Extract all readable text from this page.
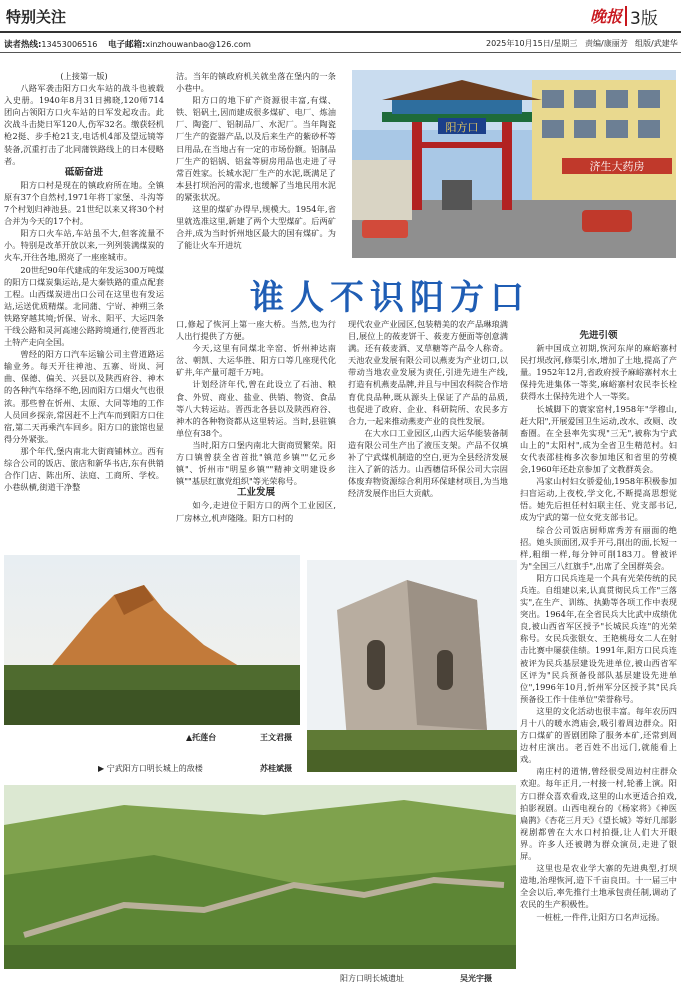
特别关注	晚报 3版
读者热线:13453006516 电子邮箱:xinzhouwanbao@126.com	2025年10月15日/星期三 责编/康丽芳 组版/武建华

(上接第一版)

八路军袭击阳方口火车站的战斗也被载入史册。1940年8月31日拂晓,120师714团向占领阳方口火车站的日军发起攻击。此次战斗击毙日军120人,伤军32名。缴获轻机枪2挺、步手枪21支,电话机4部及望远镜等装备,沉重打击了北同蒲铁路线上的日本侵略者。

砥砺奋进

阳方口村是现在的镇政府所在地。全镇原有37个自然村,1971年将丁家堡、斗沟等7个村划归神池县。21世纪以来又将30个村合并为今天的17个村。

阳方口火车站,车站虽不大,但客流量不小。特别是改革开放以来,一列列装满煤炭的火车,开往各地,照亮了一座座城市。

20世纪90年代建成的年发运300万吨煤的阳方口煤炭集运站,是大秦铁路的重点配套工程。山西煤炭进出口公司在这里也有发运站,运送优质精煤。北同蒲、宁岢、神朔三条铁路穿越其境;忻保、岢永、阳平、大运四条干线公路和灵河高速公路跨境通行,使晋西北土特产走向全国。

曾经的阳方口汽车运输公司主营道路运输业务。每天开往神池、五寨、岢岚、河曲、保德、偏关、兴县以及陕西府谷、神木的各种汽车络绎不绝,因而阳方口烟火气也很浓。那些曾在忻州、太原、大同等地的工作人员回乡探亲,常因赶不上汽车而到阳方口住宿,第二天再乘汽车回乡。阳方口的旅馆也显得分外紧张。

那个年代,堡内南北大街商铺林立。西有综合公司的饭店、旅店和新华书店,东有供销合作门店、陈出所、法庭、工商所、学校。小巷纵横,街道干净整

洁。当年的镇政府机关就坐落在堡内的一条小巷中。

阳方口的地下矿产资源很丰富,有煤、铁、铝矾土,因而建成很多煤矿、电厂、炼油厂、陶瓷厂、铝制品厂、水泥厂。当年陶瓷厂生产的瓷器产品,以及后来生产的紫砂杯等日用品,在当地占有一定的市场份额。铝制品厂生产的铝锅、铝盆等厨房用品也走进了寻常百姓家。长城水泥厂生产的水泥,既满足了本县打坝治河的需求,也缓解了当地民用水泥的紧张状况。

这里的煤矿办得早,规模大。1954年,省里就选准这里,新建了两个大型煤矿。后两矿合并,成为当时忻州地区最大的国有煤矿。为了能让火车开进坑

济生大药房
阳方口
谁人不识阳方口

口,修起了恢河上第一座大桥。当然,也为行人出行提供了方便。

今天,这里有同煤北辛窑、忻州神达南岔、朝凯、大运华胜、阳方口等几座现代化矿井,年产量可超千万吨。

计划经济年代,曾在此设立了石油、粮食、外贸、商业、盐业、供销、物资、食品等八大转运站。晋西北各县以及陕西府谷、神木的各种物资都从这里转运。当时,县驻镇单位有38个。

当时,阳方口堡内南北大街商贸繁荣。阳方口镇曾获全省首批"镇范乡镇""亿元乡镇"、忻州市"明星乡镇""精神文明建设乡镇""基层红旗党组织"等光荣称号。

工业发展

如今,走进位于阳方口的两个工业园区,厂房林立,机声隆隆。阳方口村的

现代农业产业园区,包装精美的农产品琳琅满目,展位上的莜麦饼干、莜麦方便面等创意满满。还有莜麦酒、叉草糖等产品令人称奇。天池农业发展有限公司以燕麦为产业切口,以带动当地农业发展为责任,引进先进生产线,打造有机燕麦品牌,并且与中国农科院合作培育优良品种,既从源头上保证了产品的品质,也促进了政府、企业、科研院所、农民多方合力,一起来推动燕麦产业的良性发展。

在大水口工业园区,山西大运华能装备制造有限公司生产出了液压支架。产品不仅填补了宁武煤机制造的空白,更为全县经济发展注入了新的活力。山西穗信环保公司大宗固体废弃物资源综合利用环保建材项目,为当地经济发展作出巨大贡献。

先进引领

新中国成立初期,恢河东岸的麻峪寨村民打坝改河,修渠引水,增加了土地,提高了产量。1952年12月,省政府授予麻峪寨村水土保持先进集体一等奖,麻峪寨村农民李长栓获得水土保持先进个人一等奖。

长城脚下的寰家窑村,1958年"学穆山,赶大阳",开展爱国卫生运动,改水、改厕、改畜圈。在全县率先实现"三无",被称为宁武山上的"太阳村",成为全省卫生精范村。妇女代表邵桂梅多次参加地区和省里的劳模会,1960年还赴京参加了文教群英会。

冯家山村妇女骄爱仙,1958年积极参加扫盲运动,上夜校,学文化,不断提高思想觉悟。她先后担任村妇联主任、党支部书记,成为宁武的第一位女党支部书记。

综合公司饭店厨师席秀芳有丽面的绝招。她头顶面团,双手开弓,削出的面,长短一样,粗细一样,每分钟可削183刀。曾被评为"全国三八红旗手",出席了全国群英会。

阳方口民兵连是一个具有光荣传统的民兵连。自组建以来,认真贯彻民兵工作"三落实",在生产、训练、执勤等各项工作中表现突出。1964年,在全省民兵大比武中成绩优良,被山西省军区授予"长城民兵连"的光荣称号。女民兵张银女、王艳桃母女二人在射击比赛中屡获佳绩。1991年,阳方口民兵连被评为民兵基层建设先进单位,被山西省军区评为"民兵预备役部队基层建设先进单位",1996年10月,忻州军分区授予其"民兵预备役工作十佳单位"荣誉称号。

这里的文化活动也很丰富。每年农历四月十八的暖水湾庙会,吸引着周边群众。阳方口煤矿的晋剧团除了服务本矿,还常到周边村庄演出。老百姓不出远门,就能看上戏。

南庄村的道情,曾经很受周边村庄群众欢迎。每年正月,一村接一村,轮番上演。阳方口群众喜欢看戏,这里的山水更适合拍戏,拍影视剧。山西电视台的《杨家将》《神医扁鹊》《杏花三月天》《望长城》等好几部影视剧都曾在大水口村拍摄,让人们大开眼界。许多人还被聘为群众演员,走进了银屏。

这里也是农业学大寨的先进典型,打坝造地,治理恢河,造下千亩良田。十一届三中全会以后,率先推行土地承包责任制,调动了农民的生产积极性。

一桩桩,一件件,让阳方口名声远扬。

▲托莲台	王文君摄
▶ 宁武阳方口明长城上的敌楼	苏桂斌摄
阳方口明长城遗址	吴光宇摄
